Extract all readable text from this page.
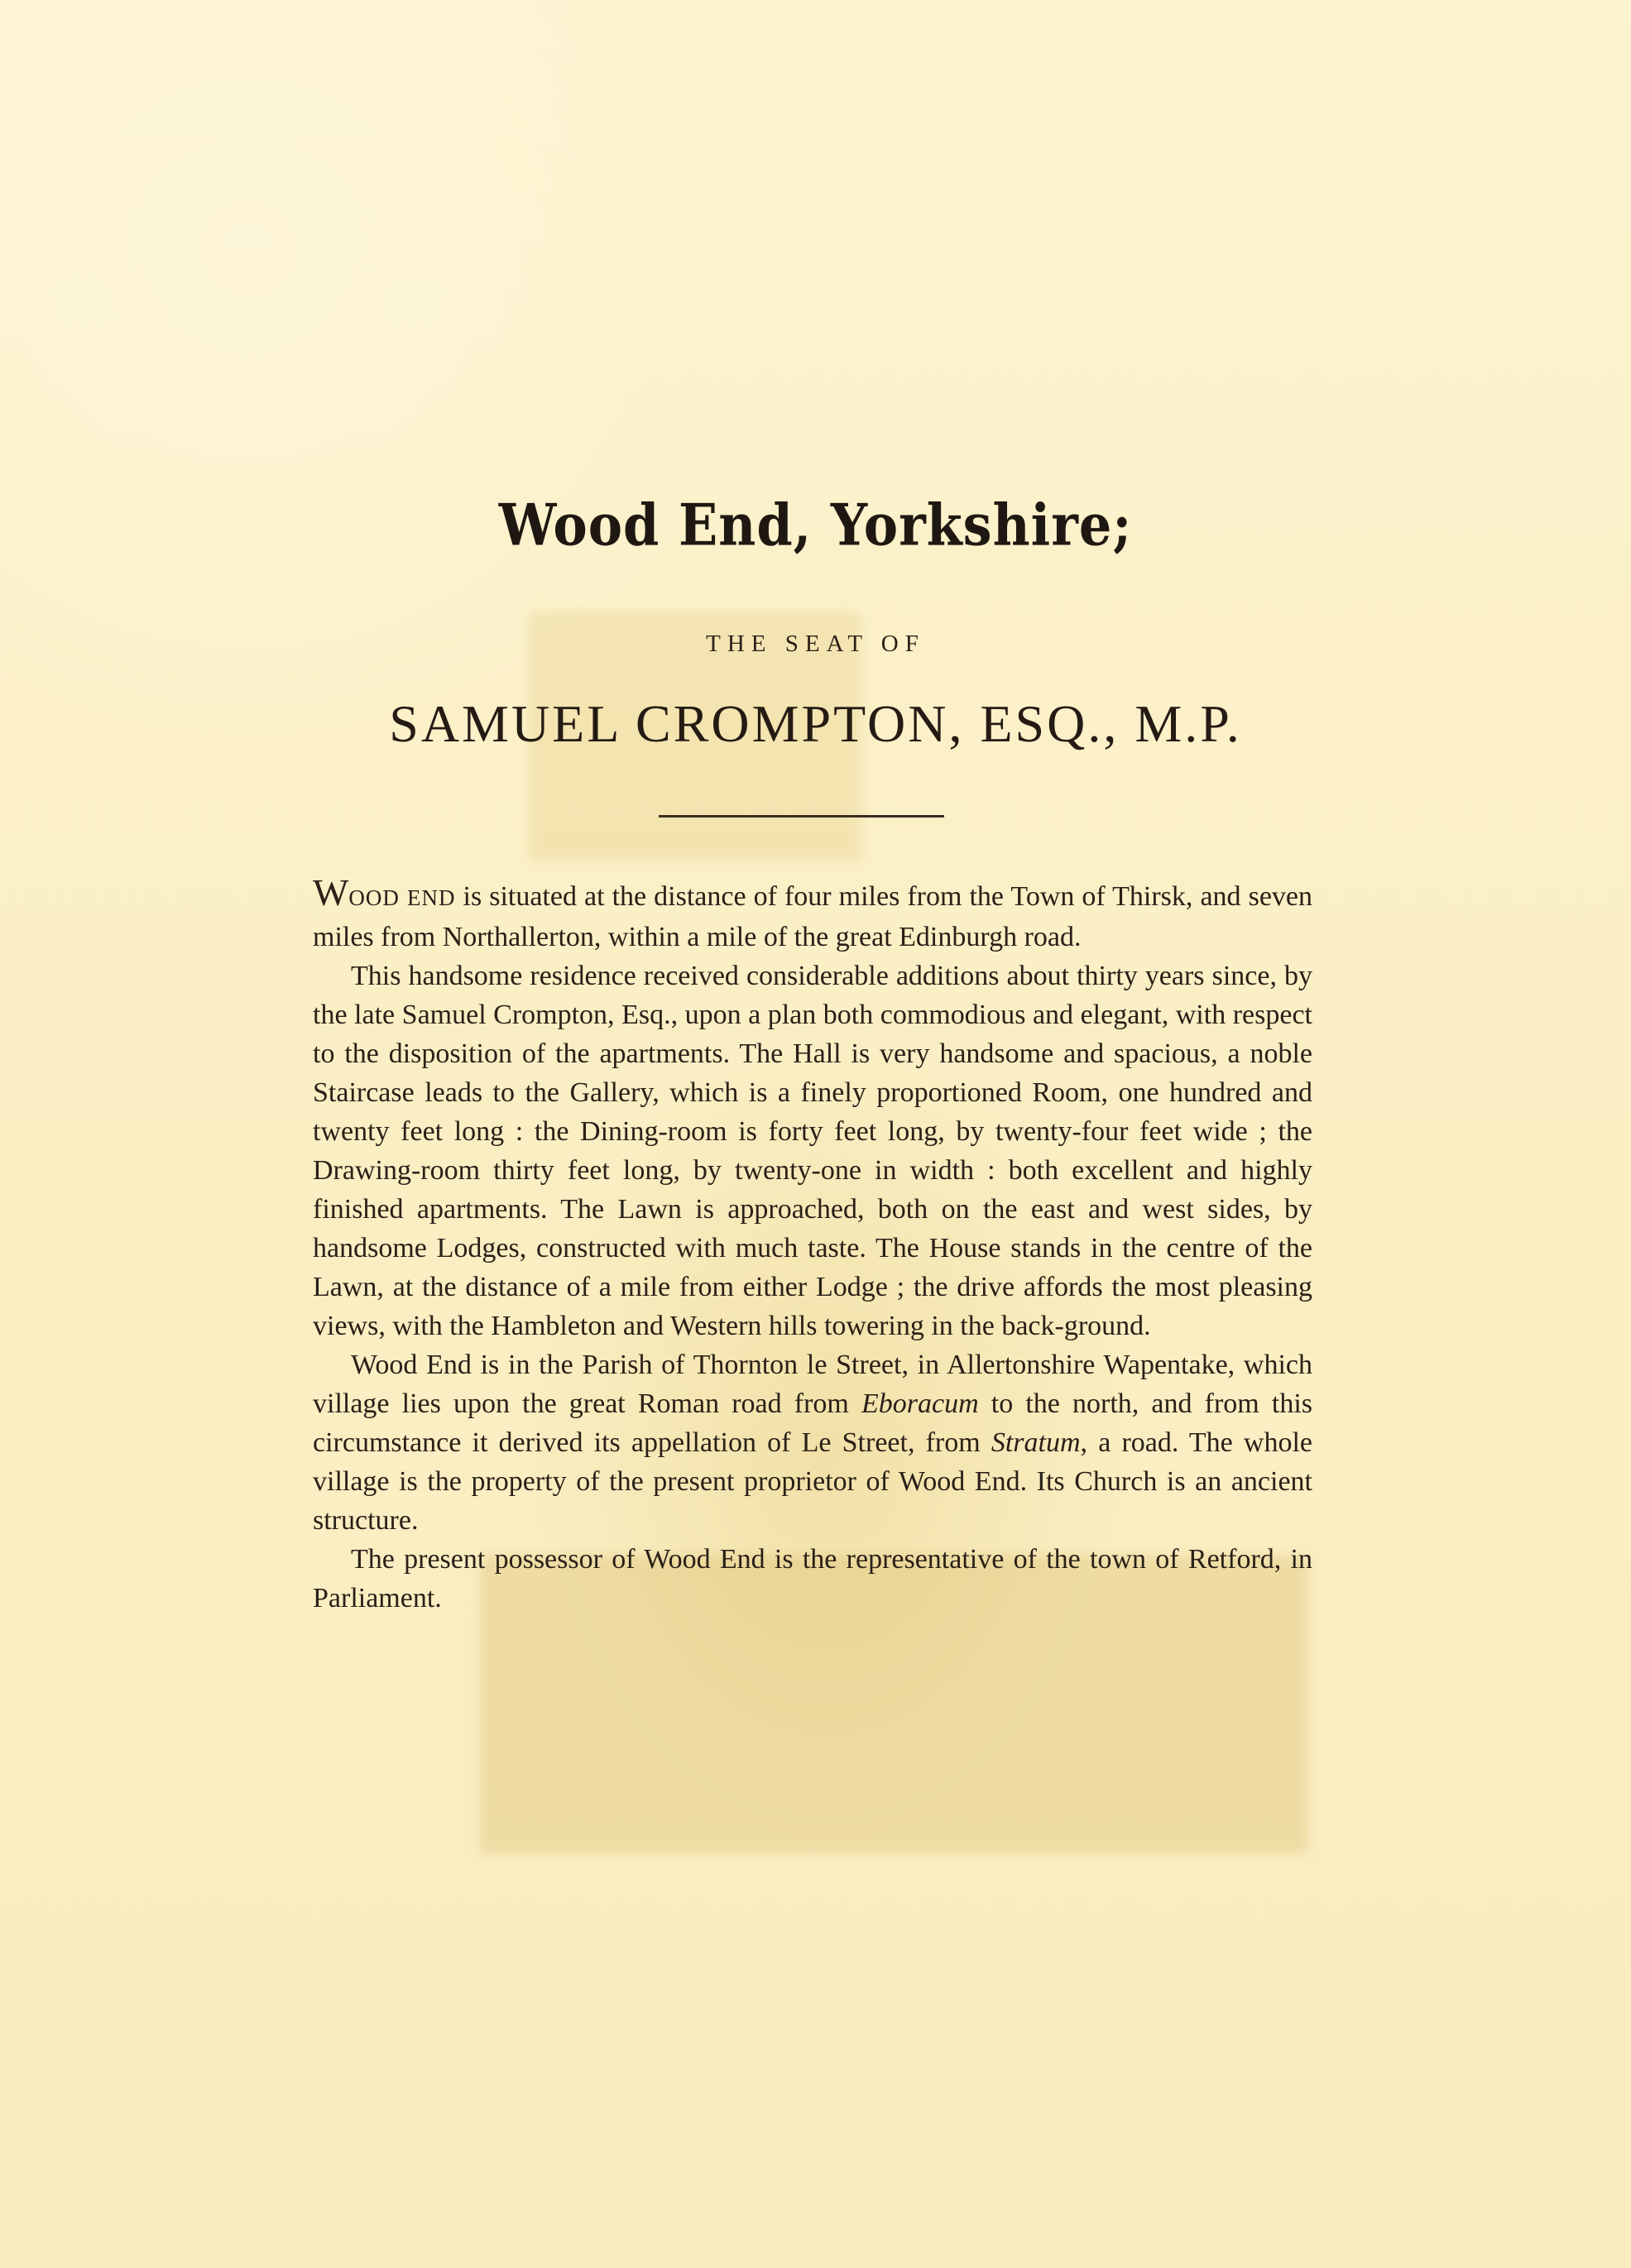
Wood End, Yorkshire;
THE SEAT OF
SAMUEL CROMPTON, ESQ., M.P.

WOOD END is situated at the distance of four miles from the Town of Thirsk, and seven miles from Northallerton, within a mile of the great Edinburgh road.

This handsome residence received considerable additions about thirty years since, by the late Samuel Crompton, Esq., upon a plan both commodious and elegant, with respect to the disposition of the apartments. The Hall is very handsome and spacious, a noble Staircase leads to the Gallery, which is a finely proportioned Room, one hundred and twenty feet long : the Dining-room is forty feet long, by twenty-four feet wide ; the Drawing-room thirty feet long, by twenty-one in width : both excellent and highly finished apartments. The Lawn is approached, both on the east and west sides, by handsome Lodges, constructed with much taste. The House stands in the centre of the Lawn, at the distance of a mile from either Lodge ; the drive affords the most pleasing views, with the Hambleton and Western hills towering in the back-ground.

Wood End is in the Parish of Thornton le Street, in Allertonshire Wapentake, which village lies upon the great Roman road from Eboracum to the north, and from this circumstance it derived its appellation of Le Street, from Stratum, a road. The whole village is the property of the present proprietor of Wood End. Its Church is an ancient structure.

The present possessor of Wood End is the representative of the town of Retford, in Parliament.
